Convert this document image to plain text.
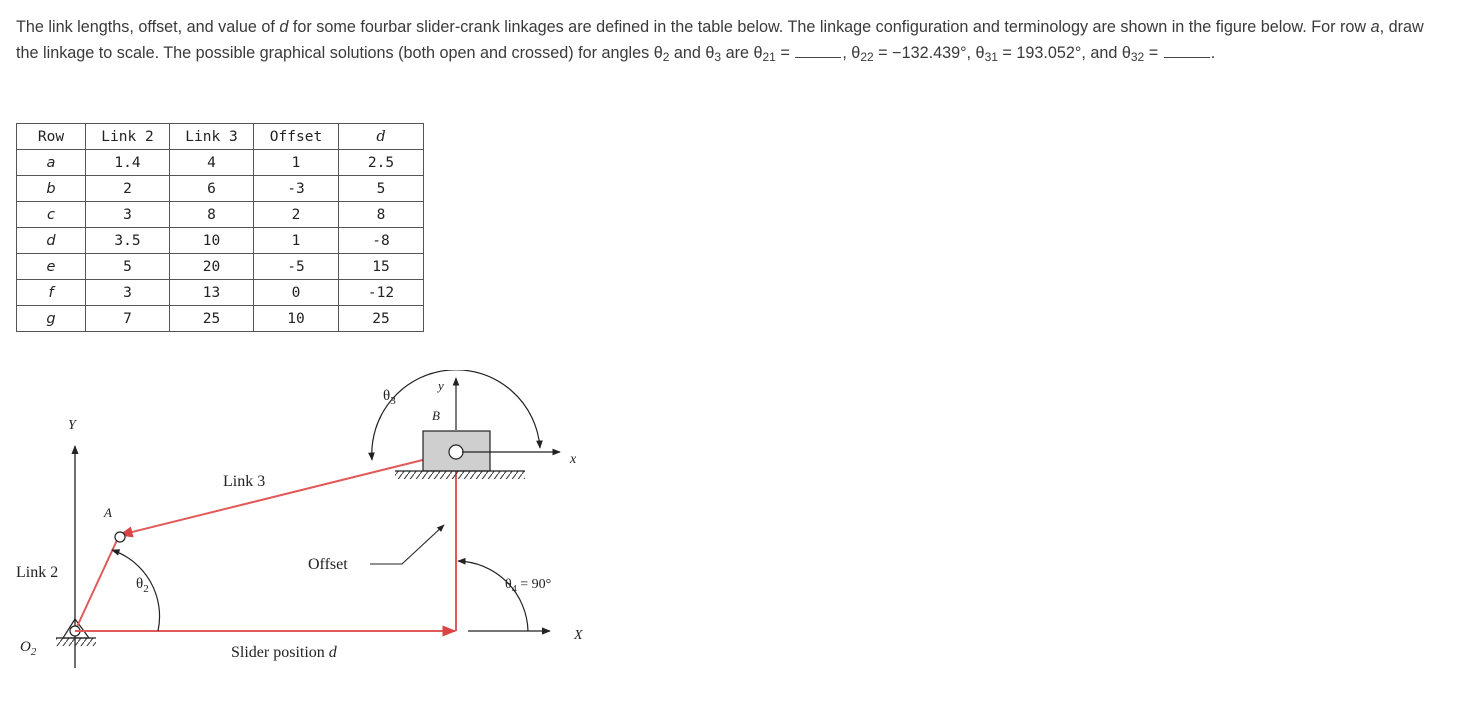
The link lengths, offset, and value of d for some fourbar slider-crank linkages are defined in the table below. The linkage configuration and terminology are shown in the figure below. For row a, draw the linkage to scale. The possible graphical solutions (both open and crossed) for angles $\theta_2$ and $\theta_3$ are $\theta_{21}$ =	, $\theta_{22} = -132.439^\circ$, $\theta_{31} = 193.052^\circ$, and $\theta_{32}$ =	.
Row	Link 2	Link 3	Offset	d
a	1.4	4	1	2.5
b	2	6	-3	5
c	3	8	2	8
d	3.5	10	1	-8
e	5	20	-5	15
f	3	13	0	-12
g	7	25	10	25
Y
X
$O_2$
A
B
x
y
$\theta_3$
$\theta_2$	$\theta_4 = 90^\circ$
Link 2
Link 3
Offset
Slider position d
